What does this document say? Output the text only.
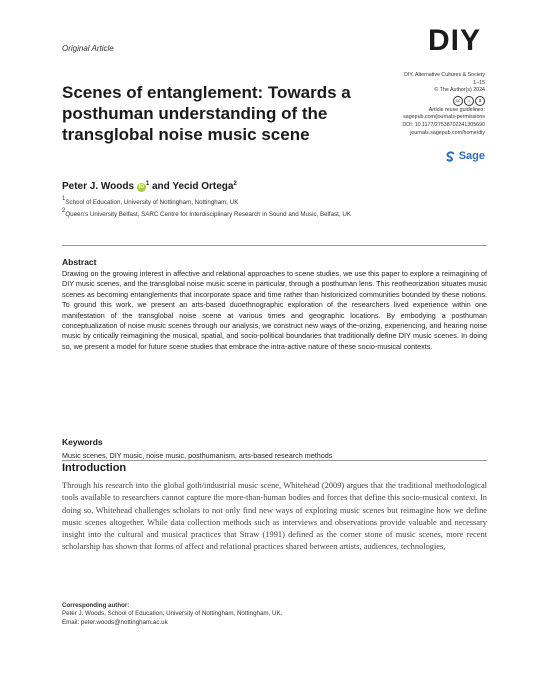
Original Article	DIY
DIY, Alternative Cultures & Society
1–15
© The Author(s) 2024
cc	i	$
Article reuse guidelines:
sagepub.com/journals-permissions
DOI: 10.1177/27538702241305690
journals.sagepub.com/home/diy
Sage
Scenes of entanglement: Towards a posthuman understanding of the transglobal noise music scene
Peter J. Woods iD $^1$ and Yecid Ortega$^2$
1School of Education, University of Nottingham, Nottingham, UK
2Queen's University Belfast, SARC Centre for Interdisciplinary Research in Sound and Music, Belfast, UK
Abstract
Drawing on the growing interest in affective and relational approaches to scene studies, we use this paper to explore a reimagining of DIY music scenes, and the transglobal noise music scene in particular, through a posthuman lens. This reotheorization situates music scenes as becoming entanglements that incorporate space and time rather than historicized communities bounded by these notions. To ground this work, we present an arts-based duoethnographic exploration of the researchers lived experience within one manifestation of the transglobal noise scene at various times and geographic locations. By embodying a posthuman conceptualization of noise music scenes through our analysis, we construct new ways of the-orizing, experiencing, and hearing noise music by critically reimagining the musical, spatial, and socio-political boundaries that traditionally define DIY music scenes. In doing so, we present a model for future scene studies that embrace the intra-active nature of these socio-musical contexts.
Keywords
Music scenes, DIY music, noise music, posthumanism, arts-based research methods
Introduction
Through his research into the global goth/industrial music scene, Whitehead (2009) argues that the traditional methodological tools available to researchers cannot capture the more-than-human bodies and forces that define this socio-musical context. In doing so, Whitehead challenges scholars to not only find new ways of exploring music scenes but reimagine how we define music scenes altogether. While data collection methods such as interviews and observations provide valuable and necessary insight into the cultural and musical practices that Straw (1991) defined as the corner stone of music scenes, more recent scholarship has shown that forms of affect and relational practices shared between artists, audiences, technologies,
Corresponding author:
Peter J. Woods, School of Education, University of Nottingham, Nottingham, UK.
Email: peter.woods@nottingham.ac.uk
